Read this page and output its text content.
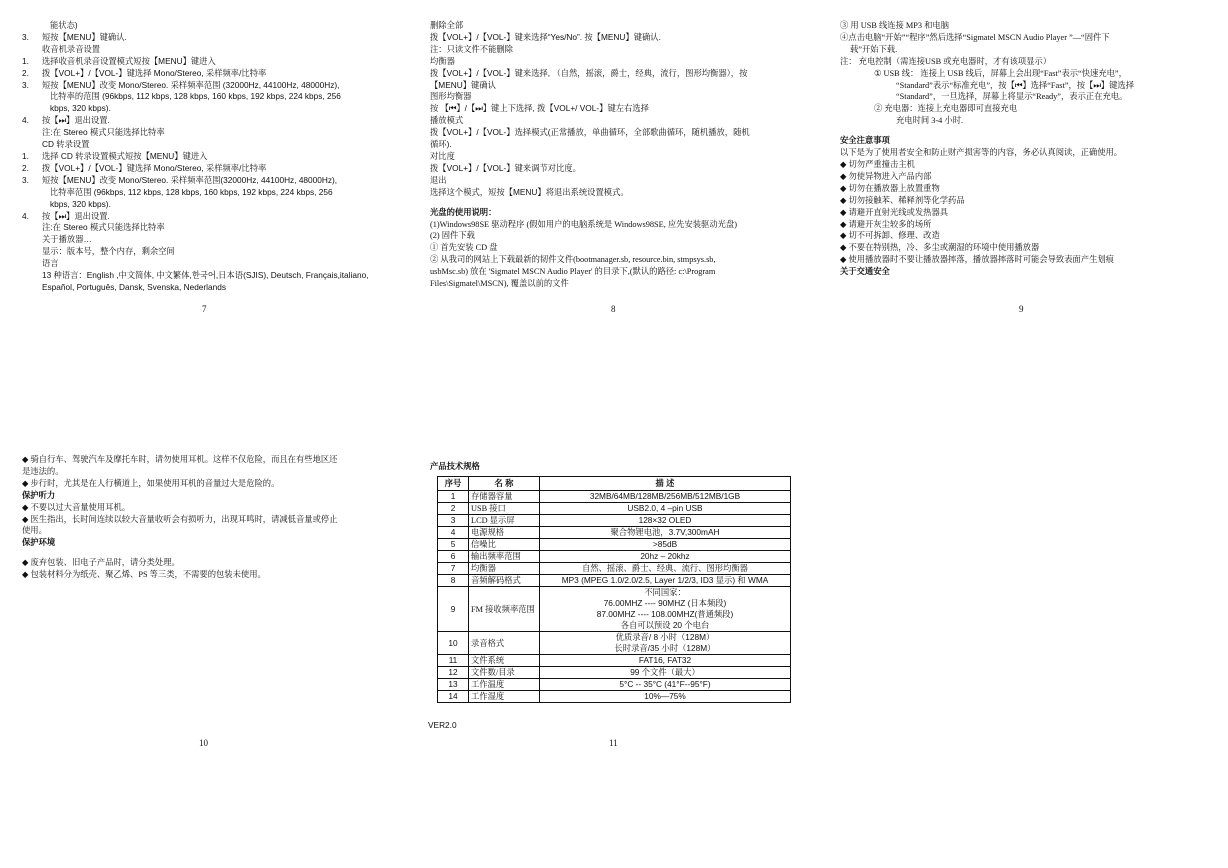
能状态)
3. 短按【MENU】键确认.
收音机录音设置
1. 选择收音机录音设置模式短按【MENU】键进入
2. 拨【VOL+】/【VOL-】键选择 Mono/Stereo, 采样频率/比特率
3. 短按【MENU】改变 Mono/Stereo. 采样频率范围 (32000Hz, 44100Hz, 48000Hz),
比特率的范围 (96kbps, 112 kbps, 128 kbps, 160 kbps, 192 kbps, 224 kbps, 256
kbps, 320 kbps).
4. 按【⏭】退出设置.
注:在 Stereo 模式只能选择比特率
CD 转录设置
1. 选择 CD 转录设置模式短按【MENU】键进入
2. 拨【VOL+】/【VOL-】键选择 Mono/Stereo, 采样频率/比特率
3. 短按【MENU】改变 Mono/Stereo. 采样频率范围(32000Hz, 44100Hz, 48000Hz),
比特率范围 (96kbps, 112 kbps, 128 kbps, 160 kbps, 192 kbps, 224 kbps, 256
kbps, 320 kbps).
4. 按【⏭】退出设置.
注:在 Stereo 模式只能选择比特率
关于播放器…
显示：版本号，整个内存，剩余空间
语言
13 种语言：English ,中文简体, 中文繁体,한국어,日本语(SJIS), Deutsch, Français,italiano,
Español, Português, Dansk, Svenska, Nederlands
7
删除全部
拨【VOL+】/【VOL-】键来选择“Yes/No”. 按【MENU】键确认.
注：只读文件不能删除
均衡器
拨【VOL+】/【VOL-】键来选择, （自然，摇滚，爵士，经典，流行，图形均衡器），按
【MENU】键确认
图形均衡器
按 【⏮】/【⏭】键上下选择, 拨【VOL+/ VOL-】键左右选择
播放模式
拨【VOL+】/【VOL-】选择模式(正常播放，单曲循环，全部歌曲循环，随机播放，随机
循环).
对比度
拨【VOL+】/【VOL-】键来调节对比度。
退出
选择这个模式，短按【MENU】将退出系统设置模式。
光盘的使用说明：
(1)Windows98SE 驱动程序 (假如用户的电脑系统是 Windows98SE, 应先安装驱动光盘)
(2) 固件下载
① 首先安装 CD 盘
② 从我司的网站上下载最新的韧件文件(bootmanager.sb, resource.bin, stmpsys.sb,
usbMsc.sb) 放在 'Sigmatel MSCN Audio Player' 的目录下,(默认的路径: c:\Program
Files\Sigmatel\MSCN), 覆盖以前的文件
8
③ 用 USB 线连接 MP3 和电脑
④点击电脑“开始”“程序”然后选择“Sigmatel MSCN Audio Player ”—“固件下
载”开始下载.
注： 充电控制（需连接USB 或充电器时，才有该项显示）
① USB 线： 连接上 USB 线后，屏幕上会出现“Fast”表示“快速充电”，
“Standard”表示“标准充电”，按【⏮】选择“Fast”，按【⏭】键选择
“Standard”，一旦选择，屏幕上将显示“Ready”，表示正在充电。
② 充电器：连接上充电器即可直接充电
充电时间 3-4 小时.
安全注意事项
以下是为了使用者安全和防止财产损害等的内容，务必认真阅读，正确使用。
◆ 切勿严重撞击主机
◆ 勿使异物进入产品内部
◆ 切勿在播放器上放置重物
◆ 切勿接触苯、稀释剂等化学药品
◆ 请避开直射光线或发热器具
◆ 请避开灰尘较多的场所
◆ 切不可拆卸、修理、改造
◆ 不要在特别热，冷、多尘或潮湿的环境中使用播放器
◆ 使用播放器时不要让播放器摔落，播放器摔落时可能会导致表面产生划痕
关于交通安全
9
◆ 骑自行车、驾驶汽车及摩托车时，请勿使用耳机。这样不仅危险，而且在有些地区还
是违法的。
◆ 步行时，尤其是在人行横道上，如果使用耳机的音量过大是危险的。
保护听力
◆ 不要以过大音量使用耳机。
◆ 医生指出，长时间连续以较大音量收听会有损听力，出现耳鸣时，请减低音量或停止
使用。
保护环境
◆ 废弃包装、旧电子产品时，请分类处理。
◆ 包装材料分为纸壳、聚乙烯、PS 等三类，不需要的包装未使用。
10
产品技术规格
序号	名 称	描 述
1	存储器容量	32MB/64MB/128MB/256MB/512MB/1GB

2	USB 接口	USB2.0, 4 –pin USB

3	LCD 显示屏	128×32 OLED

4	电源规格	聚合物锂电池，3.7V,300mAH

5	信噪比	>85dB

6	输出频率范围	20hz – 20khz

7	均衡器	自然、摇滚、爵士、经典、流行、图形均衡器

8	音频解码格式	MP3 (MPEG 1.0/2.0/2.5, Layer 1/2/3, ID3 显示) 和 WMA

9	FM 接收频率范围	不同国家：
76.00MHZ ---- 90MHZ (日本频段)
87.00MHZ ---- 108.00MHZ(普通频段)
各自可以预设 20 个电台

10	录音格式	优质录音/ 8 小时（128M）
长时录音/35 小时（128M）

11	文件系统	FAT16, FAT32

12	文件数/目录	99 个文件（最大）

13	工作温度	5°C -- 35°C (41°F--95°F)

14	工作湿度	10%—75%
VER2.0
11
